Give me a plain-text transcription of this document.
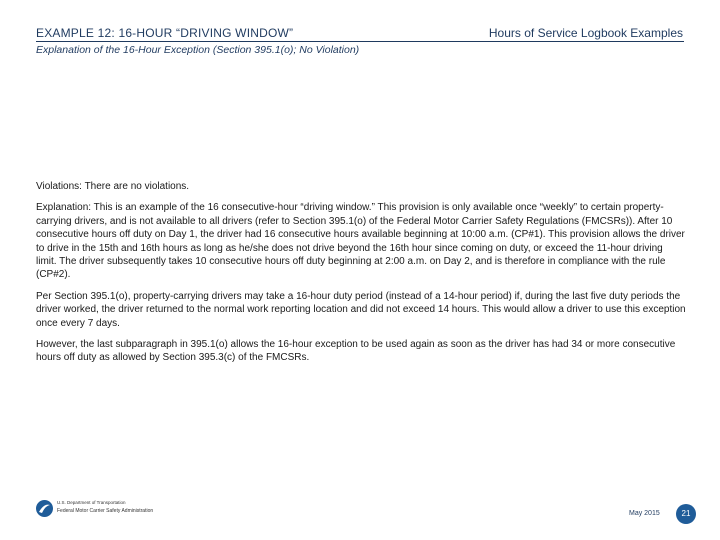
EXAMPLE 12: 16-HOUR “DRIVING WINDOW”	Hours of Service Logbook Examples
Explanation of the 16-Hour Exception (Section 395.1(o); No Violation)

Violations: There are no violations.

Explanation: This is an example of the 16 consecutive-hour “driving window.” This provision is only available once “weekly” to certain property- carrying drivers, and is not available to all drivers (refer to Section 395.1(o) of the Federal Motor Carrier Safety Regulations (FMCSRs)). After 10 consecutive hours off duty on Day 1, the driver had 16 consecutive hours available beginning at 10:00 a.m. (CP#1). This provision allows the driver to drive in the 15th and 16th hours as long as he/she does not drive beyond the 16th hour since coming on duty, or exceed the 11-hour driving limit. The driver subsequently takes 10 consecutive hours off duty beginning at 2:00 a.m. on Day 2, and is therefore in compliance with the rule (CP#2).

Per Section 395.1(o), property-carrying drivers may take a 16-hour duty period (instead of a 14-hour period) if, during the last five duty periods the driver worked, the driver returned to the normal work reporting location and did not exceed 14 hours. This would allow a driver to use this exception once every 7 days.

However, the last subparagraph in 395.1(o) allows the 16-hour exception to be used again as soon as the driver has had 34 or more consecutive hours off duty as allowed by Section 395.3(c) of the FMCSRs.

U.S. Department of Transportation
Federal Motor Carrier Safety Administration	May 2015	21
